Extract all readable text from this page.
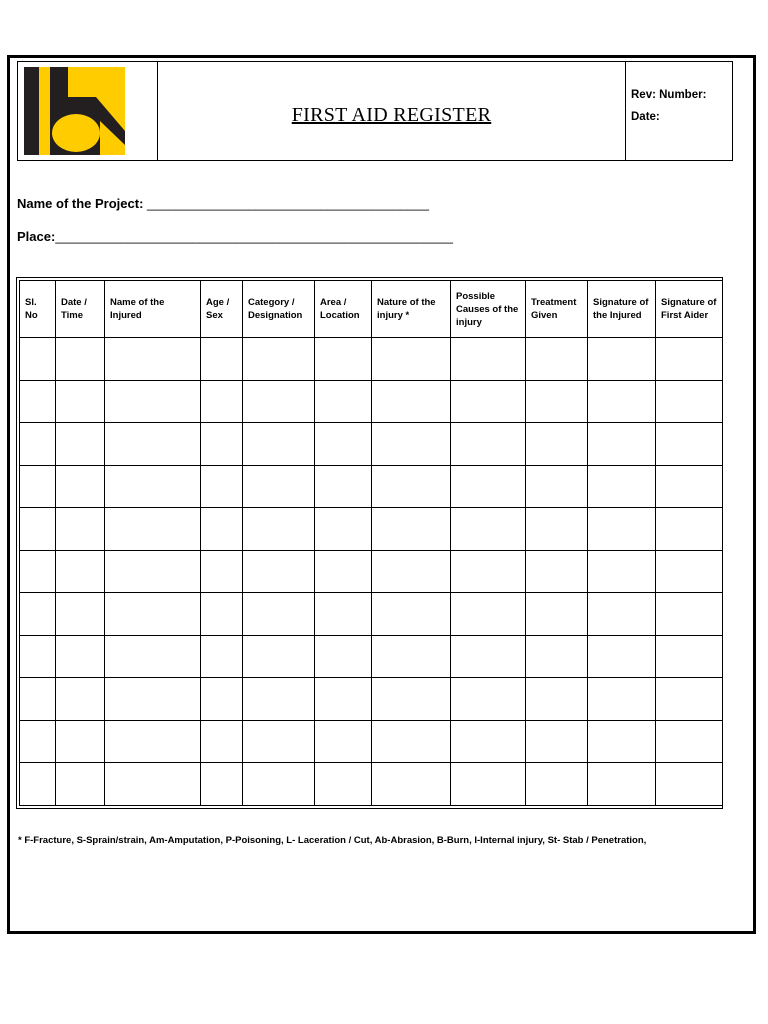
FIRST AID REGISTER
Rev: Number:
Date:
Name of the Project: _______________________________________
Place:_______________________________________________________
Sl. No	Date / Time	Name of the Injured	Age / Sex	Category / Designation	Area / Location	Nature of the injury *	Possible Causes of the injury	Treatment Given	Signature of the Injured	Signature of First Aider

* F-Fracture, S-Sprain/strain, Am-Amputation, P-Poisoning, L- Laceration / Cut, Ab-Abrasion, B-Burn, I-Internal injury, St- Stab / Penetration,
